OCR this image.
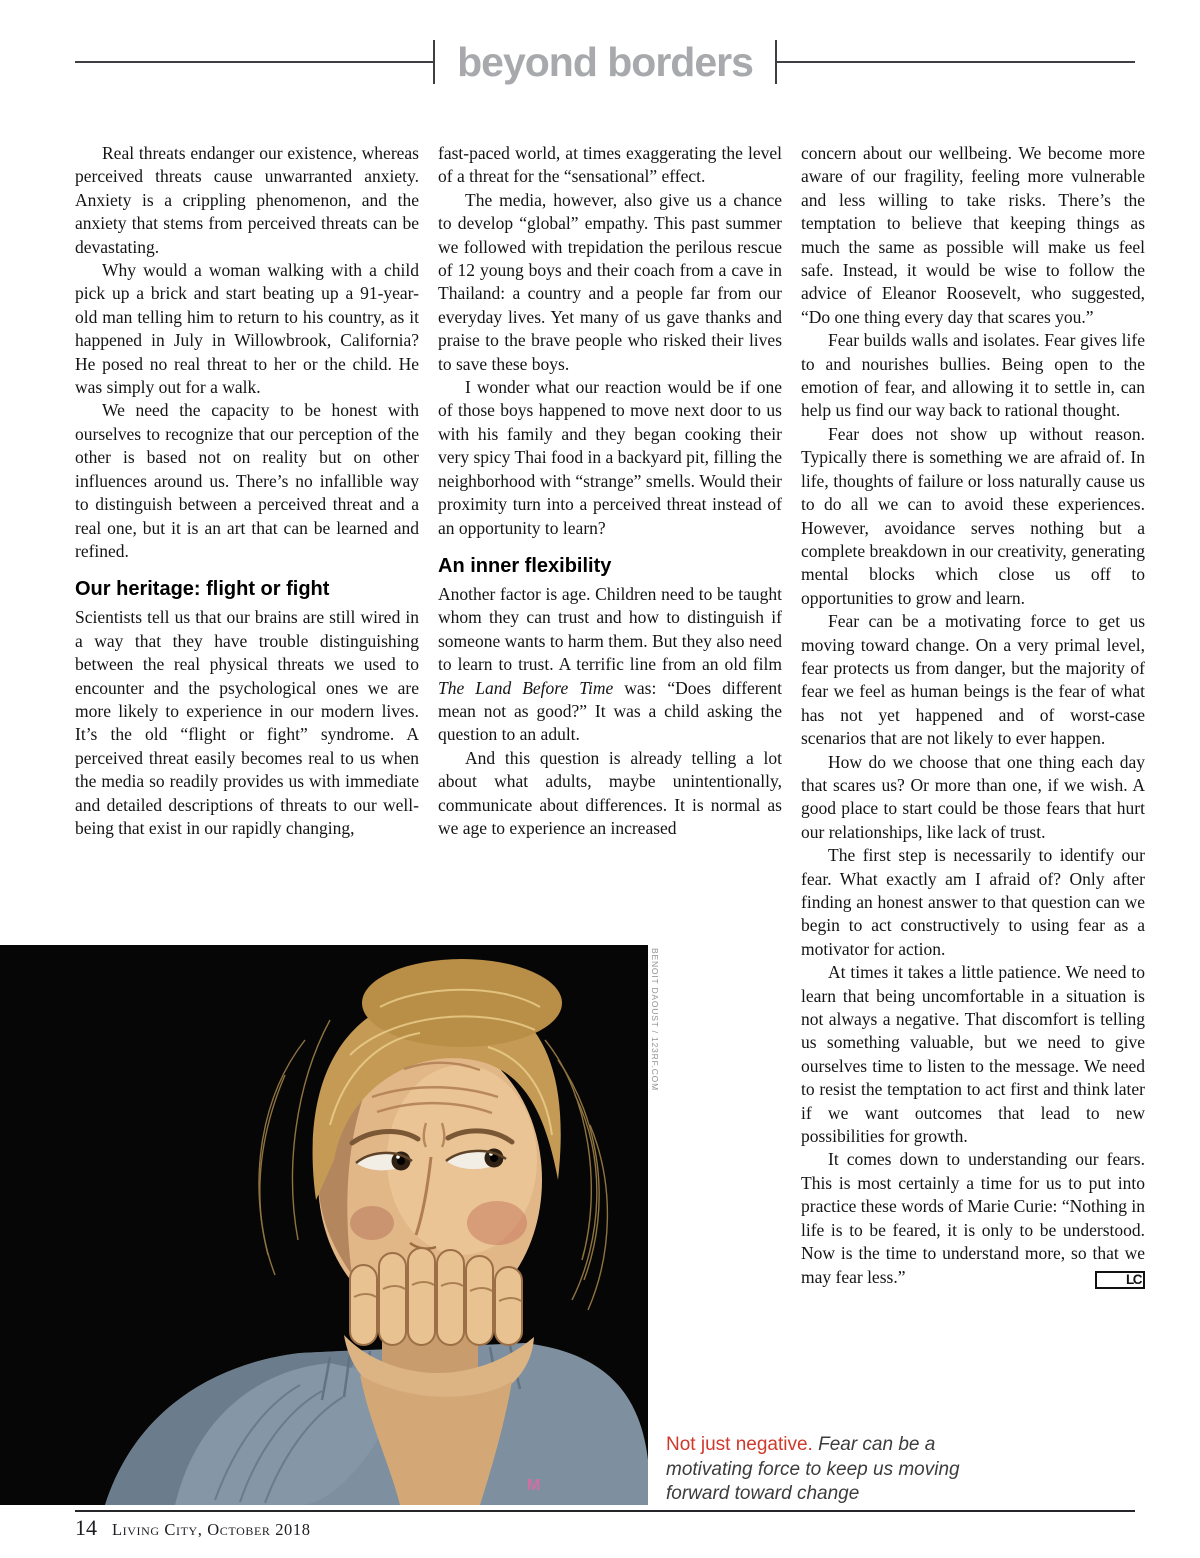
beyond borders

Real threats endanger our existence, whereas perceived threats cause unwarranted anxiety. Anxiety is a crippling phenomenon, and the anxiety that stems from perceived threats can be devastating.

Why would a woman walking with a child pick up a brick and start beating up a 91-year-old man telling him to return to his country, as it happened in July in Willowbrook, California? He posed no real threat to her or the child. He was simply out for a walk.

We need the capacity to be honest with ourselves to recognize that our perception of the other is based not on reality but on other influences around us. There’s no infallible way to distinguish between a perceived threat and a real one, but it is an art that can be learned and refined.

Our heritage: flight or fight

Scientists tell us that our brains are still wired in a way that they have trouble distinguishing between the real physical threats we used to encounter and the psychological ones we are more likely to experience in our modern lives. It’s the old “flight or fight” syndrome. A perceived threat easily becomes real to us when the media so readily provides us with immediate and detailed descriptions of threats to our well-being that exist in our rapidly changing,

fast-paced world, at times exaggerating the level of a threat for the “sensational” effect.

The media, however, also give us a chance to develop “global” empathy. This past summer we followed with trepidation the perilous rescue of 12 young boys and their coach from a cave in Thailand: a country and a people far from our everyday lives. Yet many of us gave thanks and praise to the brave people who risked their lives to save these boys.

I wonder what our reaction would be if one of those boys happened to move next door to us with his family and they began cooking their very spicy Thai food in a backyard pit, filling the neighborhood with “strange” smells. Would their proximity turn into a perceived threat instead of an opportunity to learn?

An inner flexibility

Another factor is age. Children need to be taught whom they can trust and how to distinguish if someone wants to harm them. But they also need to learn to trust. A terrific line from an old film The Land Before Time was: “Does different mean not as good?” It was a child asking the question to an adult.

And this question is already telling a lot about what adults, maybe unintentionally, communicate about differences. It is normal as we age to experience an increased

concern about our wellbeing. We become more aware of our fragility, feeling more vulnerable and less willing to take risks. There’s the temptation to believe that keeping things as much the same as possible will make us feel safe. Instead, it would be wise to follow the advice of Eleanor Roosevelt, who suggested, “Do one thing every day that scares you.”

Fear builds walls and isolates. Fear gives life to and nourishes bullies. Being open to the emotion of fear, and allowing it to settle in, can help us find our way back to rational thought.

Fear does not show up without reason. Typically there is something we are afraid of. In life, thoughts of failure or loss naturally cause us to do all we can to avoid these experiences. However, avoidance serves nothing but a complete breakdown in our creativity, generating mental blocks which close us off to opportunities to grow and learn.

Fear can be a motivating force to get us moving toward change. On a very primal level, fear protects us from danger, but the majority of fear we feel as human beings is the fear of what has not yet happened and of worst-case scenarios that are not likely to ever happen.

How do we choose that one thing each day that scares us? Or more than one, if we wish. A good place to start could be those fears that hurt our relationships, like lack of trust.

The first step is necessarily to identify our fear. What exactly am I afraid of? Only after finding an honest answer to that question can we begin to act constructively to using fear as a motivator for action.

At times it takes a little patience. We need to learn that being uncomfortable in a situation is not always a negative. That discomfort is telling us something valuable, but we need to give ourselves time to listen to the message. We need to resist the temptation to act first and think later if we want outcomes that lead to new possibilities for growth.

It comes down to understanding our fears. This is most certainly a time for us to put into practice these words of Marie Curie: “Nothing in life is to be feared, it is only to be understood. Now is the time to understand more, so that we may fear less.”	LC

M
BENOIT DAOUST / 123RF.COM
Not just negative. Fear can be a motivating force to keep us moving forward toward change
14 Living City, October 2018
